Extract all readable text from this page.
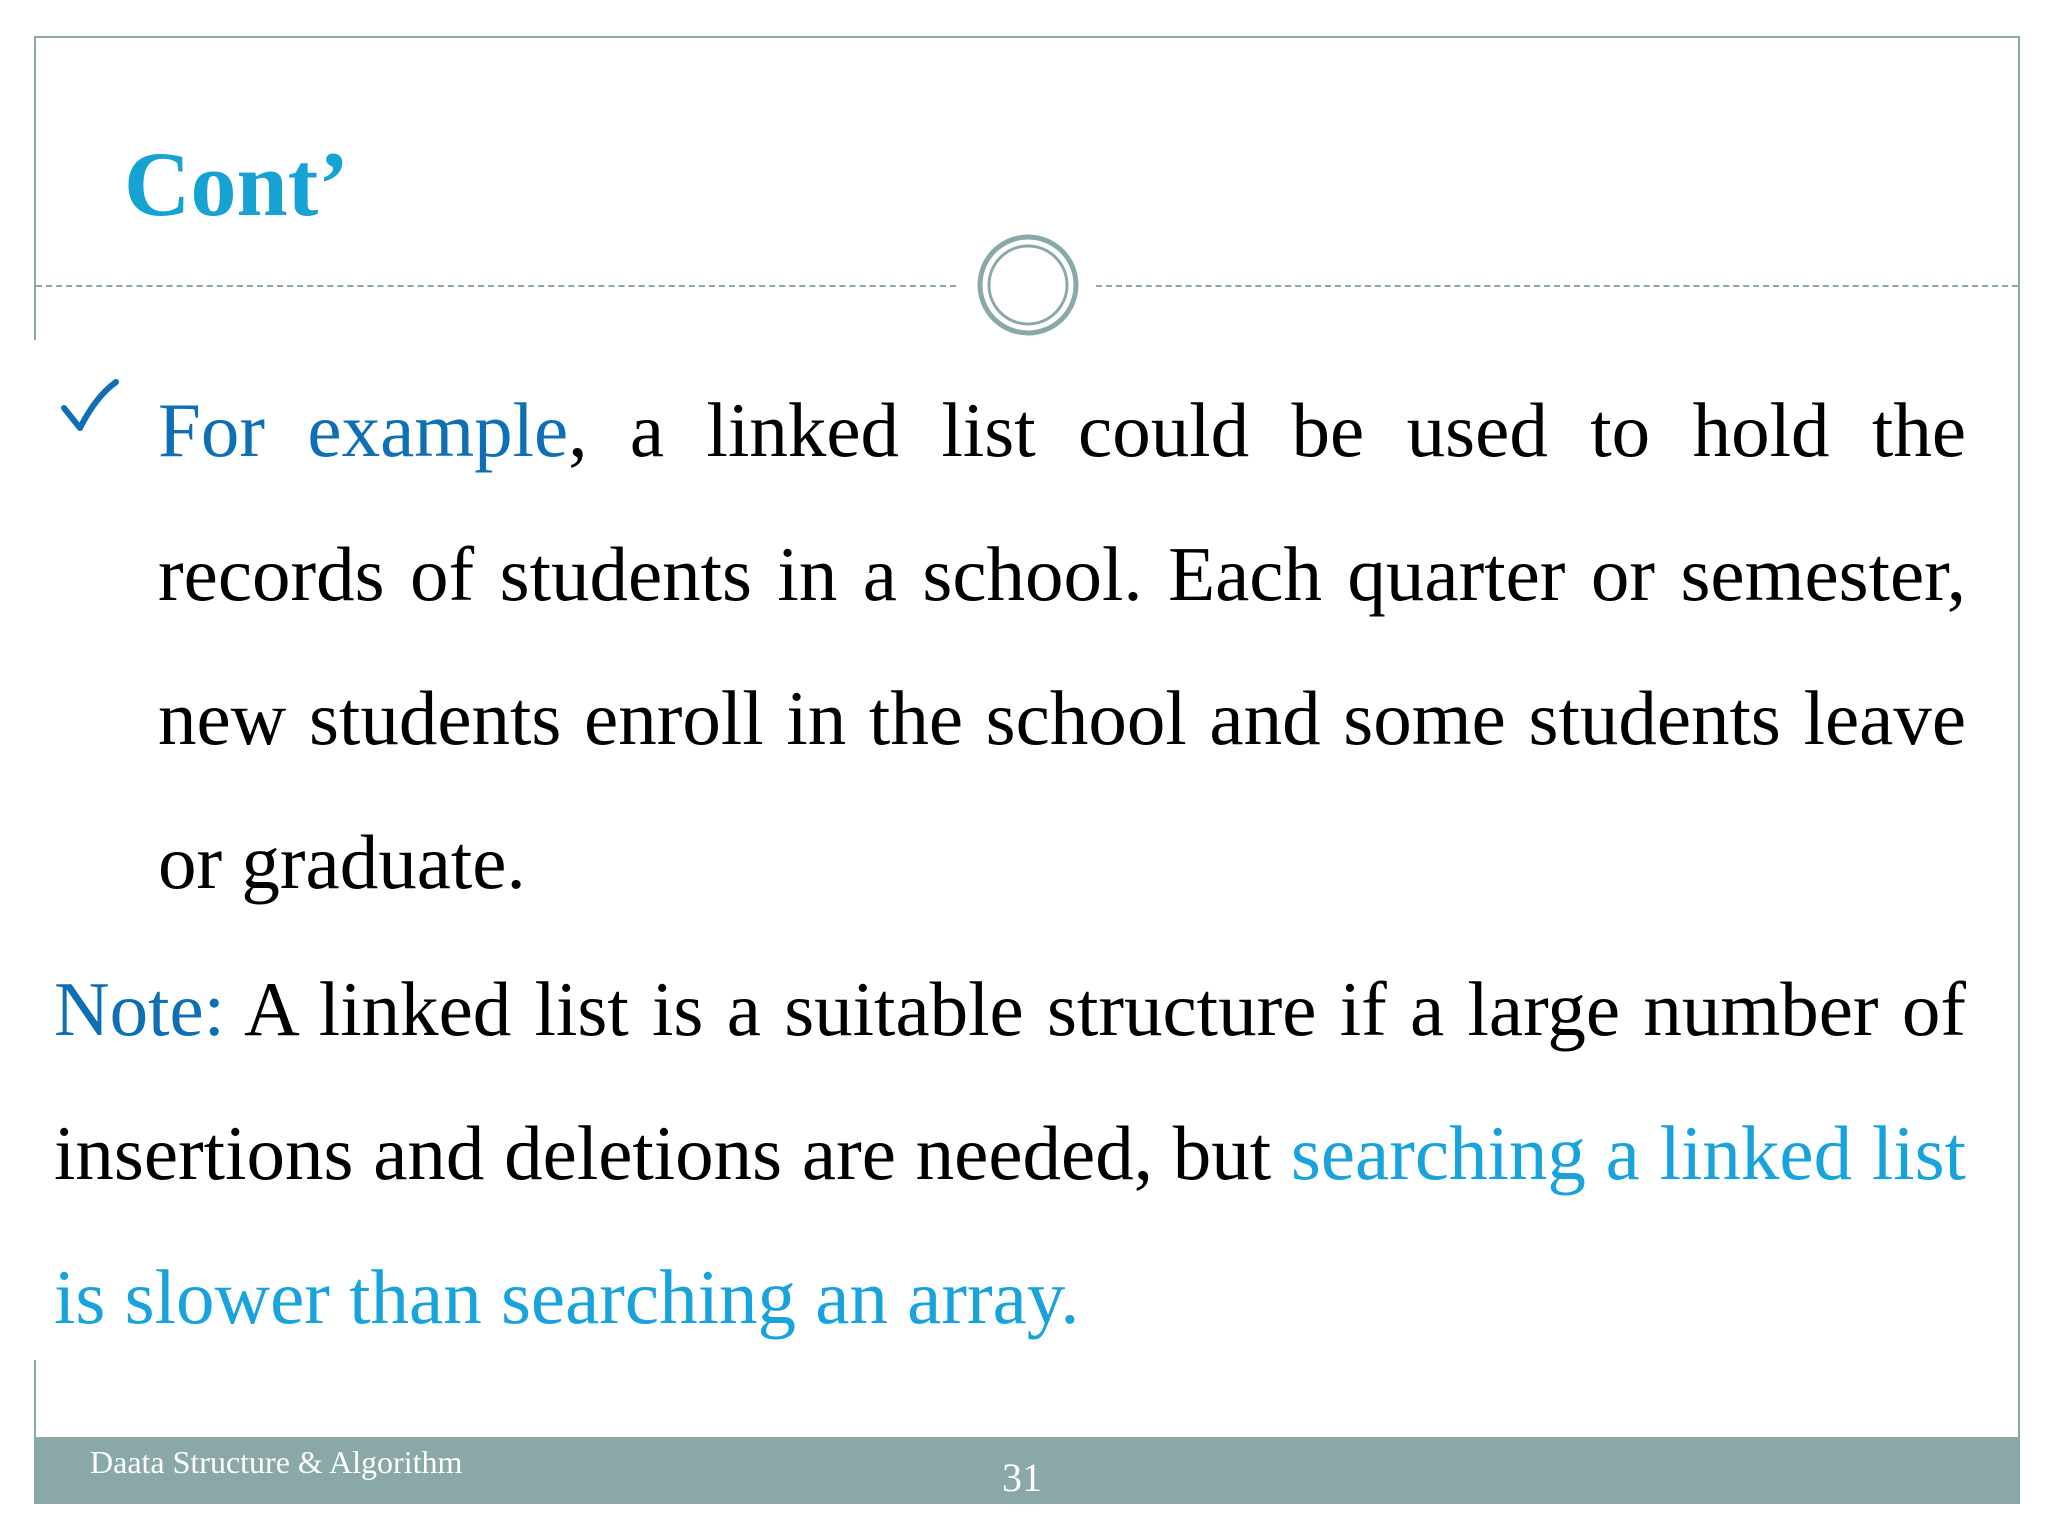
Cont’
For example, a linked list could be used to hold the records of students in a school. Each quarter or semester, new students enroll in the school and some students leave or graduate.
Note: A linked list is a suitable structure if a large number of insertions and deletions are needed, but searching a linked list is slower than searching an array.
Daata Structure & Algorithm	31
